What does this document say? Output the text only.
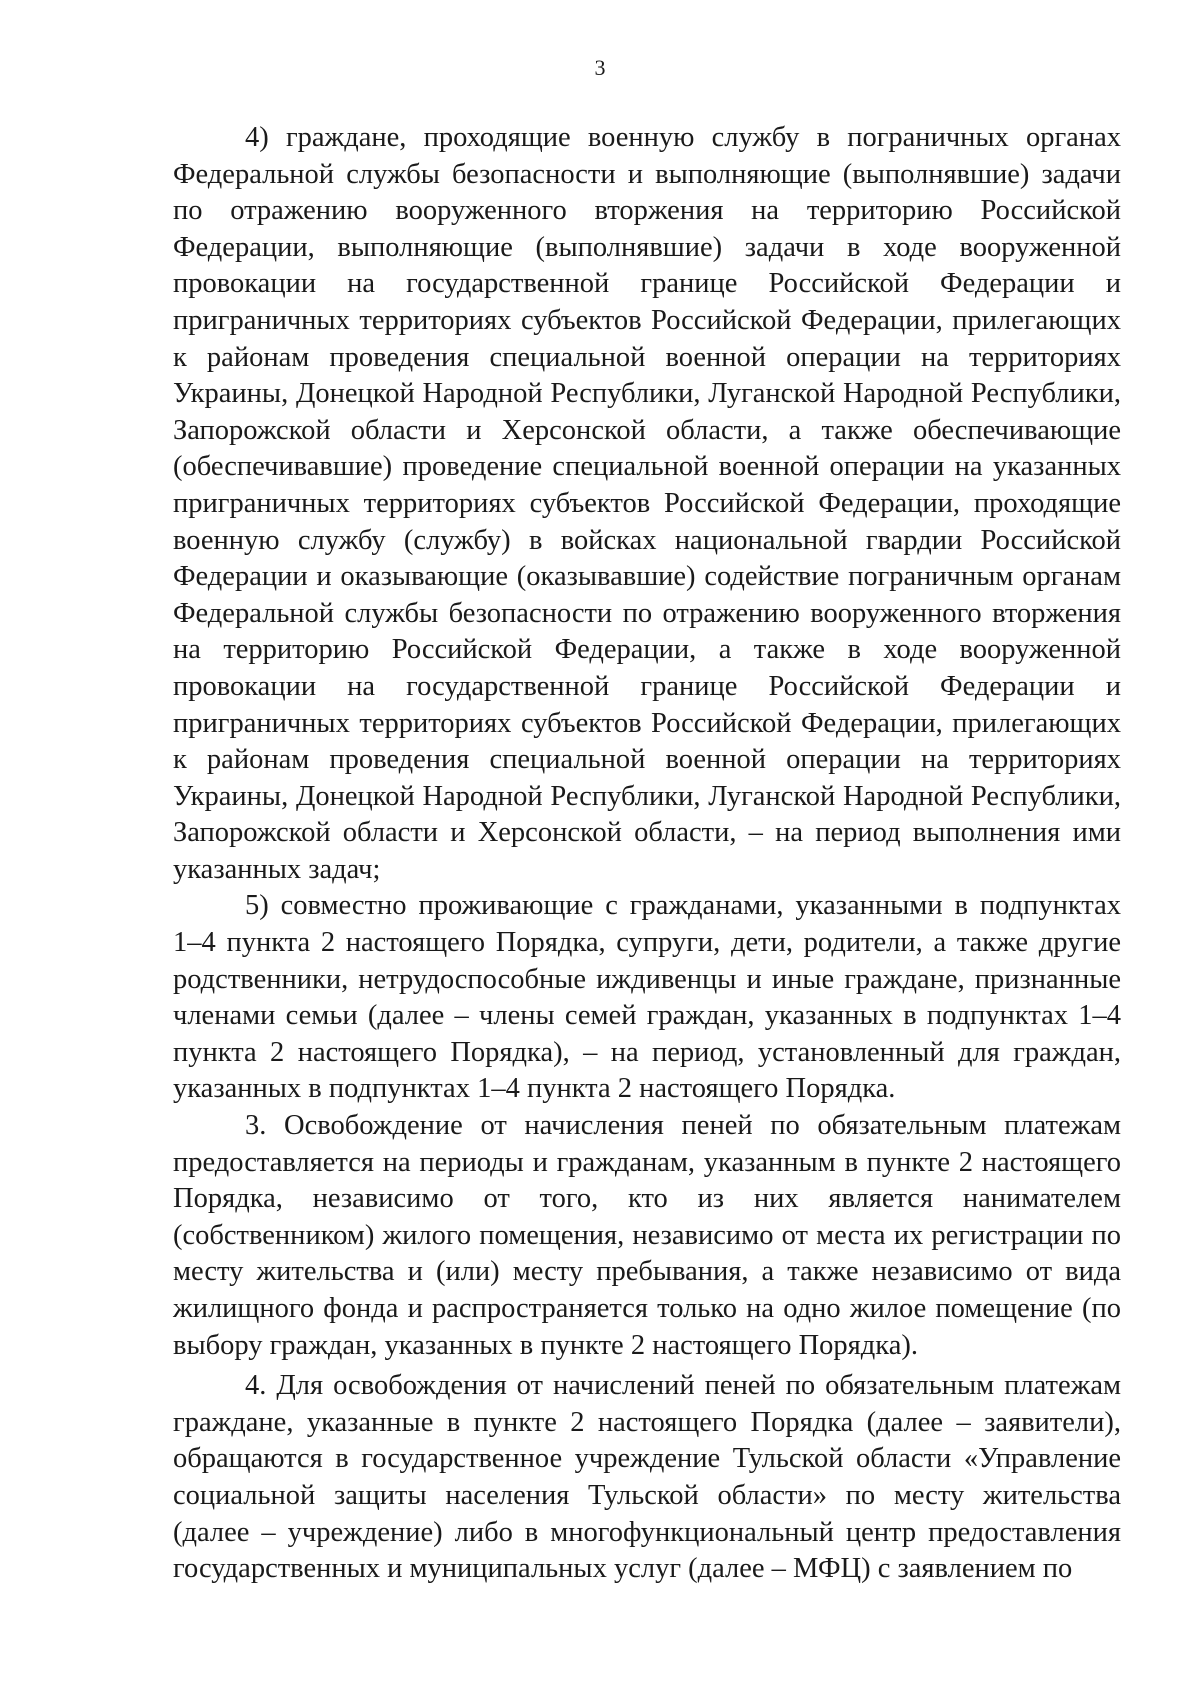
3

4) граждане, проходящие военную службу в пограничных органах Федеральной службы безопасности и выполняющие (выполнявшие) задачи по отражению вооруженного вторжения на территорию Российской Федерации, выполняющие (выполнявшие) задачи в ходе вооруженной провокации на государственной границе Российской Федерации и приграничных территориях субъектов Российской Федерации, прилегающих к районам проведения специальной военной операции на территориях Украины, Донецкой Народной Республики, Луганской Народной Республики, Запорожской области и Херсонской области, а также обеспечивающие (обеспечивавшие) проведение специальной военной операции на указанных приграничных территориях субъектов Российской Федерации, проходящие военную службу (службу) в войсках национальной гвардии Российской Федерации и оказывающие (оказывавшие) содействие пограничным органам Федеральной службы безопасности по отражению вооруженного вторжения на территорию Российской Федерации, а также в ходе вооруженной провокации на государственной границе Российской Федерации и приграничных территориях субъектов Российской Федерации, прилегающих к районам проведения специальной военной операции на территориях Украины, Донецкой Народной Республики, Луганской Народной Республики, Запорожской области и Херсонской области, – на период выполнения ими указанных задач;

5) совместно проживающие с гражданами, указанными в подпунктах 1–4 пункта 2 настоящего Порядка, супруги, дети, родители, а также другие родственники, нетрудоспособные иждивенцы и иные граждане, признанные членами семьи (далее – члены семей граждан, указанных в подпунктах 1–4 пункта 2 настоящего Порядка), – на период, установленный для граждан, указанных в подпунктах 1–4 пункта 2 настоящего Порядка.

3. Освобождение от начисления пеней по обязательным платежам предоставляется на периоды и гражданам, указанным в пункте 2 настоящего Порядка, независимо от того, кто из них является нанимателем (собственником) жилого помещения, независимо от места их регистрации по месту жительства и (или) месту пребывания, а также независимо от вида жилищного фонда и распространяется только на одно жилое помещение (по выбору граждан, указанных в пункте 2 настоящего Порядка).

4. Для освобождения от начислений пеней по обязательным платежам граждане, указанные в пункте 2 настоящего Порядка (далее – заявители), обращаются в государственное учреждение Тульской области «Управление социальной защиты населения Тульской области» по месту жительства (далее – учреждение) либо в многофункциональный центр предоставления государственных и муниципальных услуг (далее – МФЦ) с заявлением по
